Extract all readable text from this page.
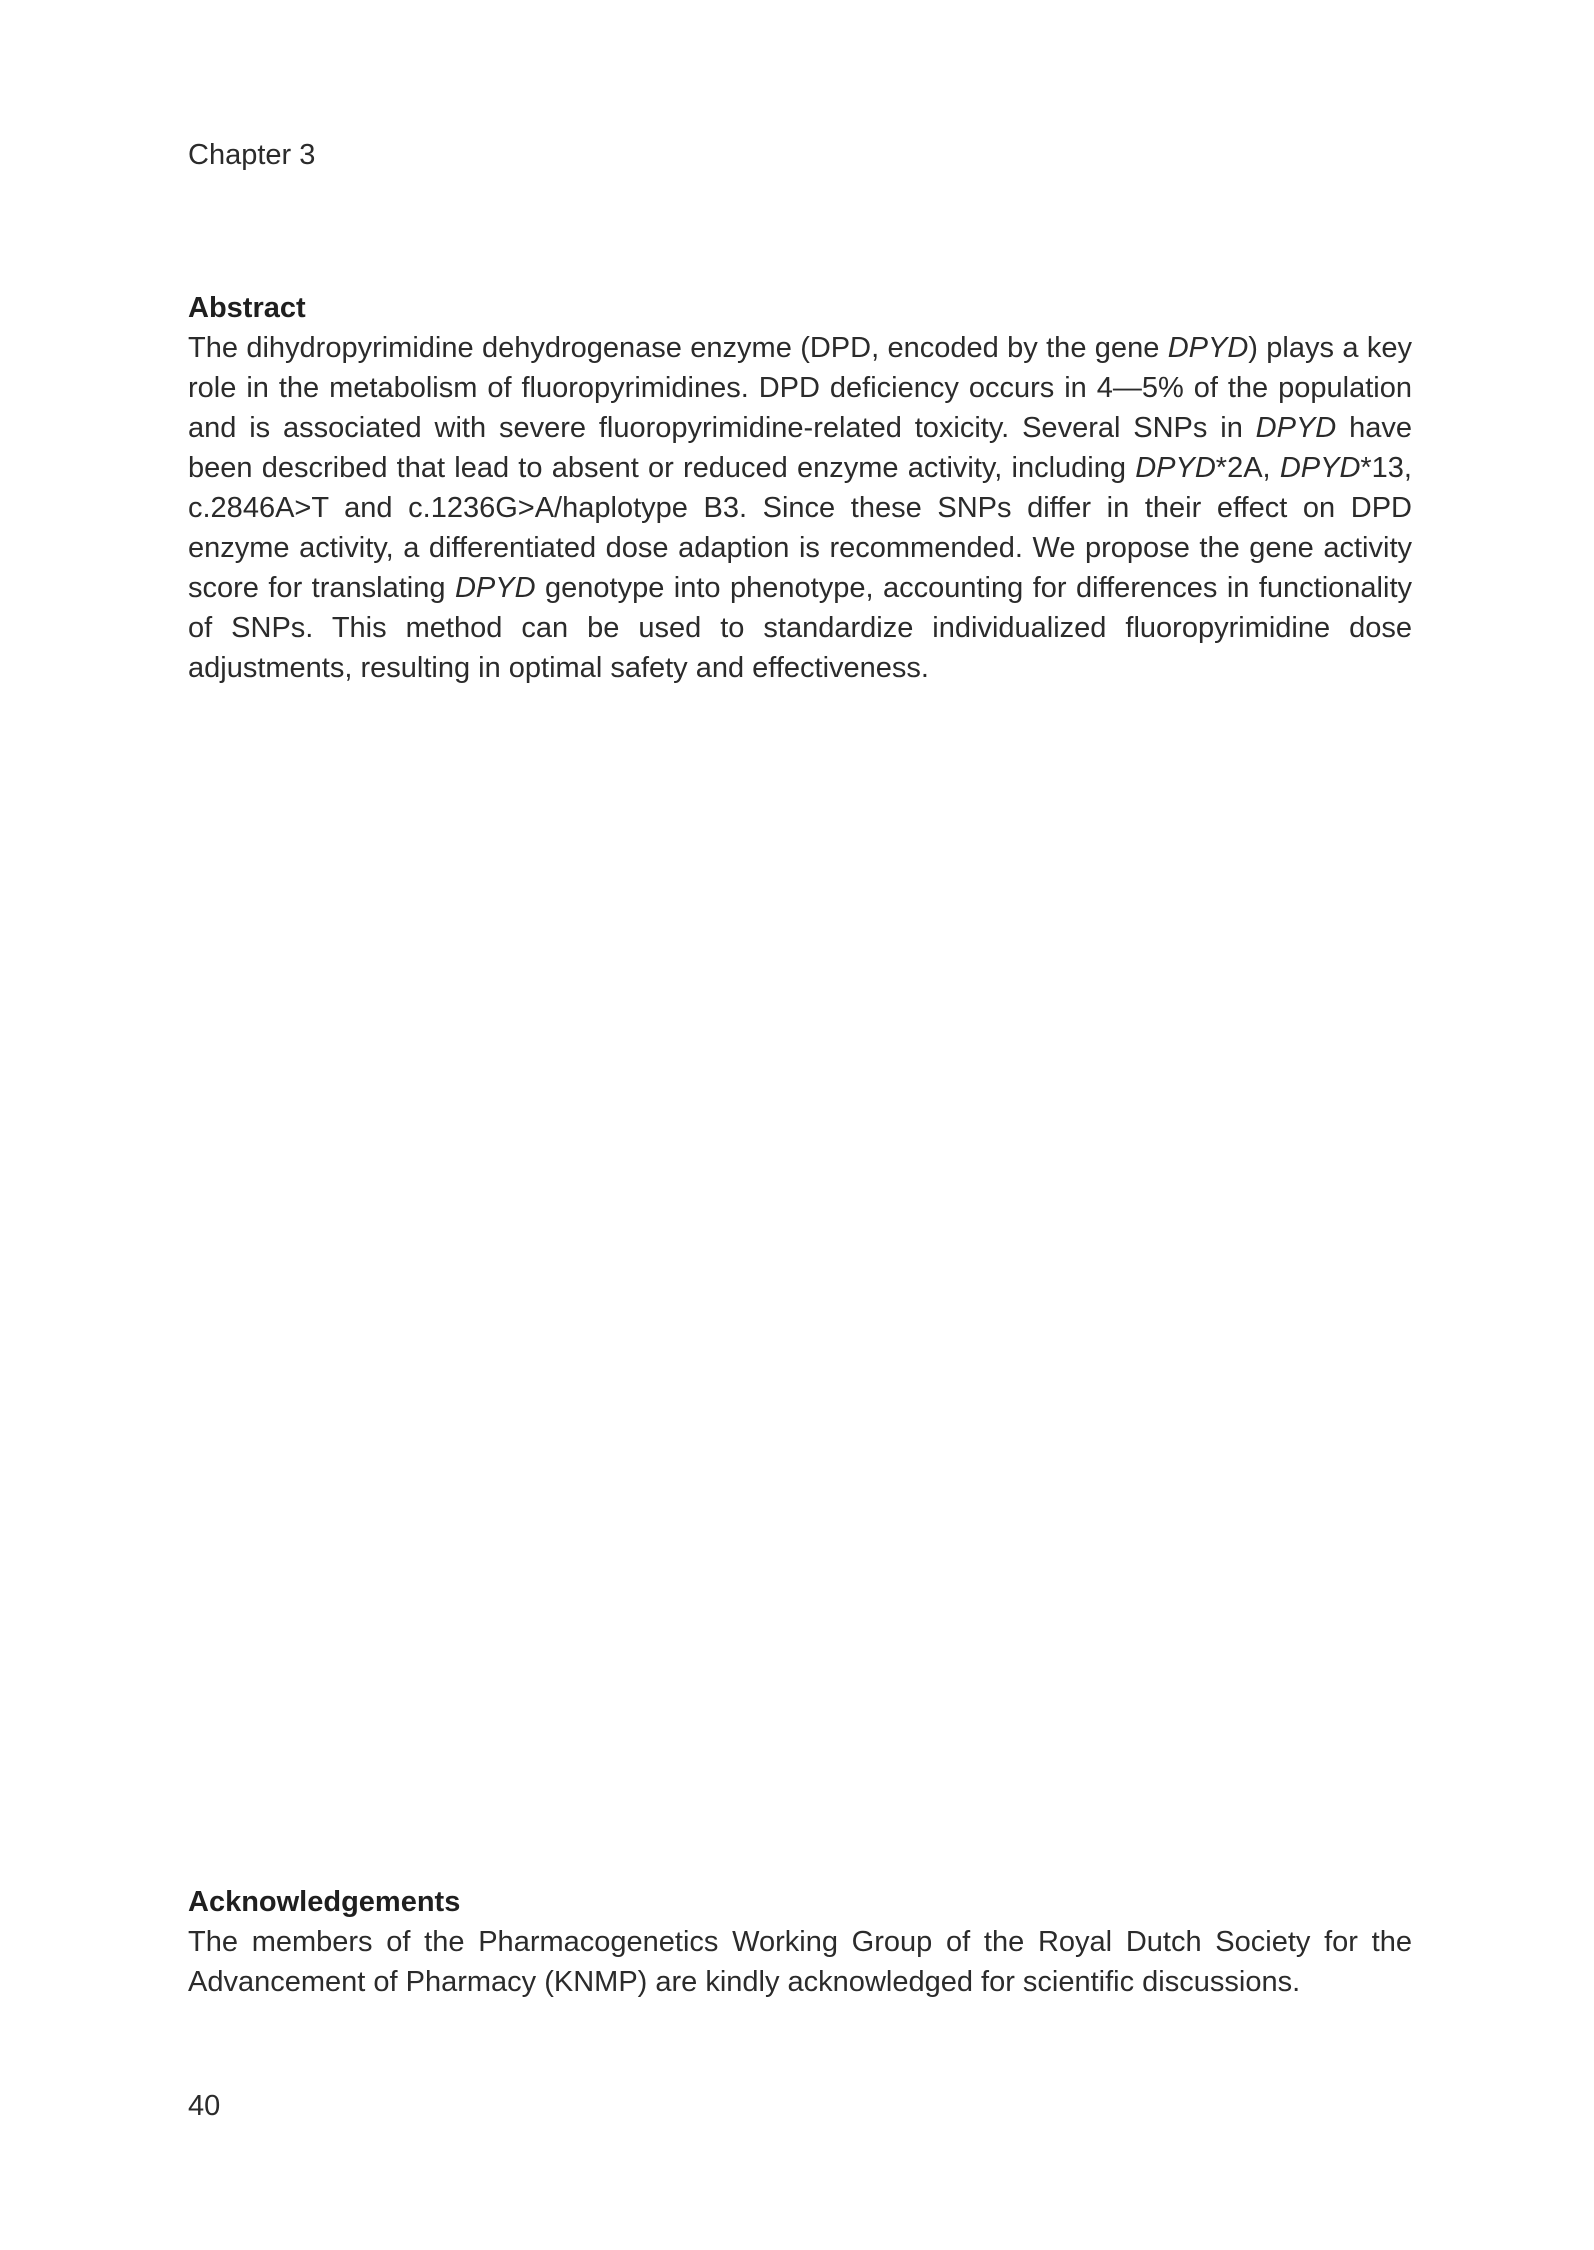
Chapter 3
Abstract

The dihydropyrimidine dehydrogenase enzyme (DPD, encoded by the gene DPYD) plays a key role in the metabolism of fluoropyrimidines. DPD deficiency occurs in 4—5% of the population and is associated with severe fluoropyrimidine-related toxicity. Several SNPs in DPYD have been described that lead to absent or reduced enzyme activity, including DPYD*2A, DPYD*13, c.2846A>T and c.1236G>A/haplotype B3. Since these SNPs differ in their effect on DPD enzyme activity, a differentiated dose adaption is recommended. We propose the gene activity score for translating DPYD genotype into phenotype, accounting for differences in functionality of SNPs. This method can be used to standardize individualized fluoropyrimidine dose adjustments, resulting in optimal safety and effectiveness.

Acknowledgements

The members of the Pharmacogenetics Working Group of the Royal Dutch Society for the Advancement of Pharmacy (KNMP) are kindly acknowledged for scientific discussions.

40
